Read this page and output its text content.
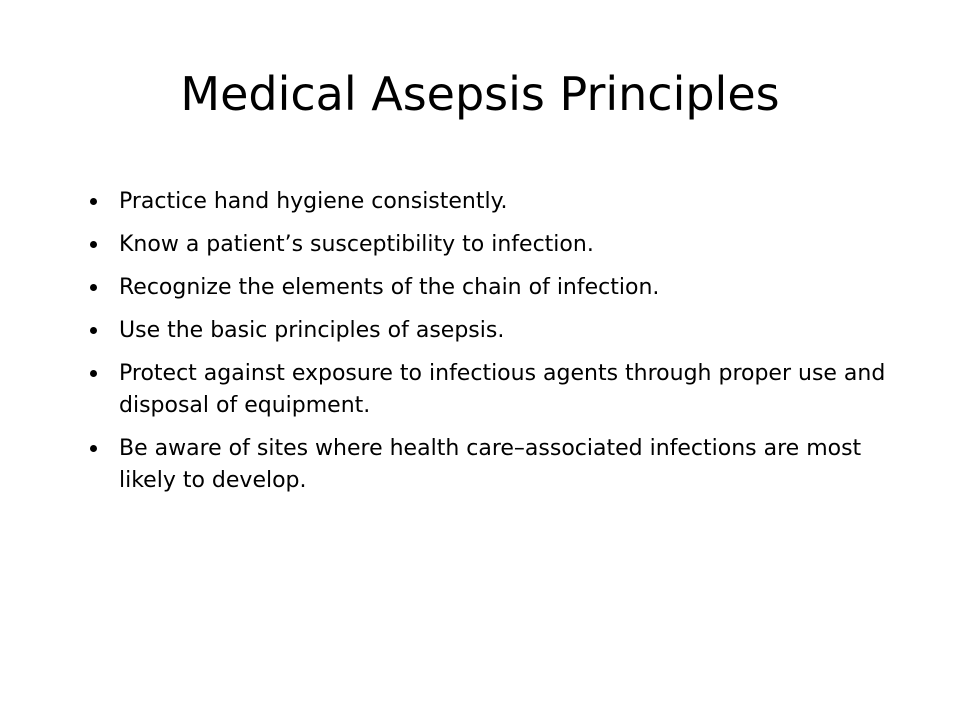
Medical Asepsis Principles
Practice hand hygiene consistently.
Know a patient’s susceptibility to infection.
Recognize the elements of the chain of infection.
Use the basic principles of asepsis.
Protect against exposure to infectious agents through proper use and disposal of equipment.
Be aware of sites where health care–associated infections are most likely to develop.
